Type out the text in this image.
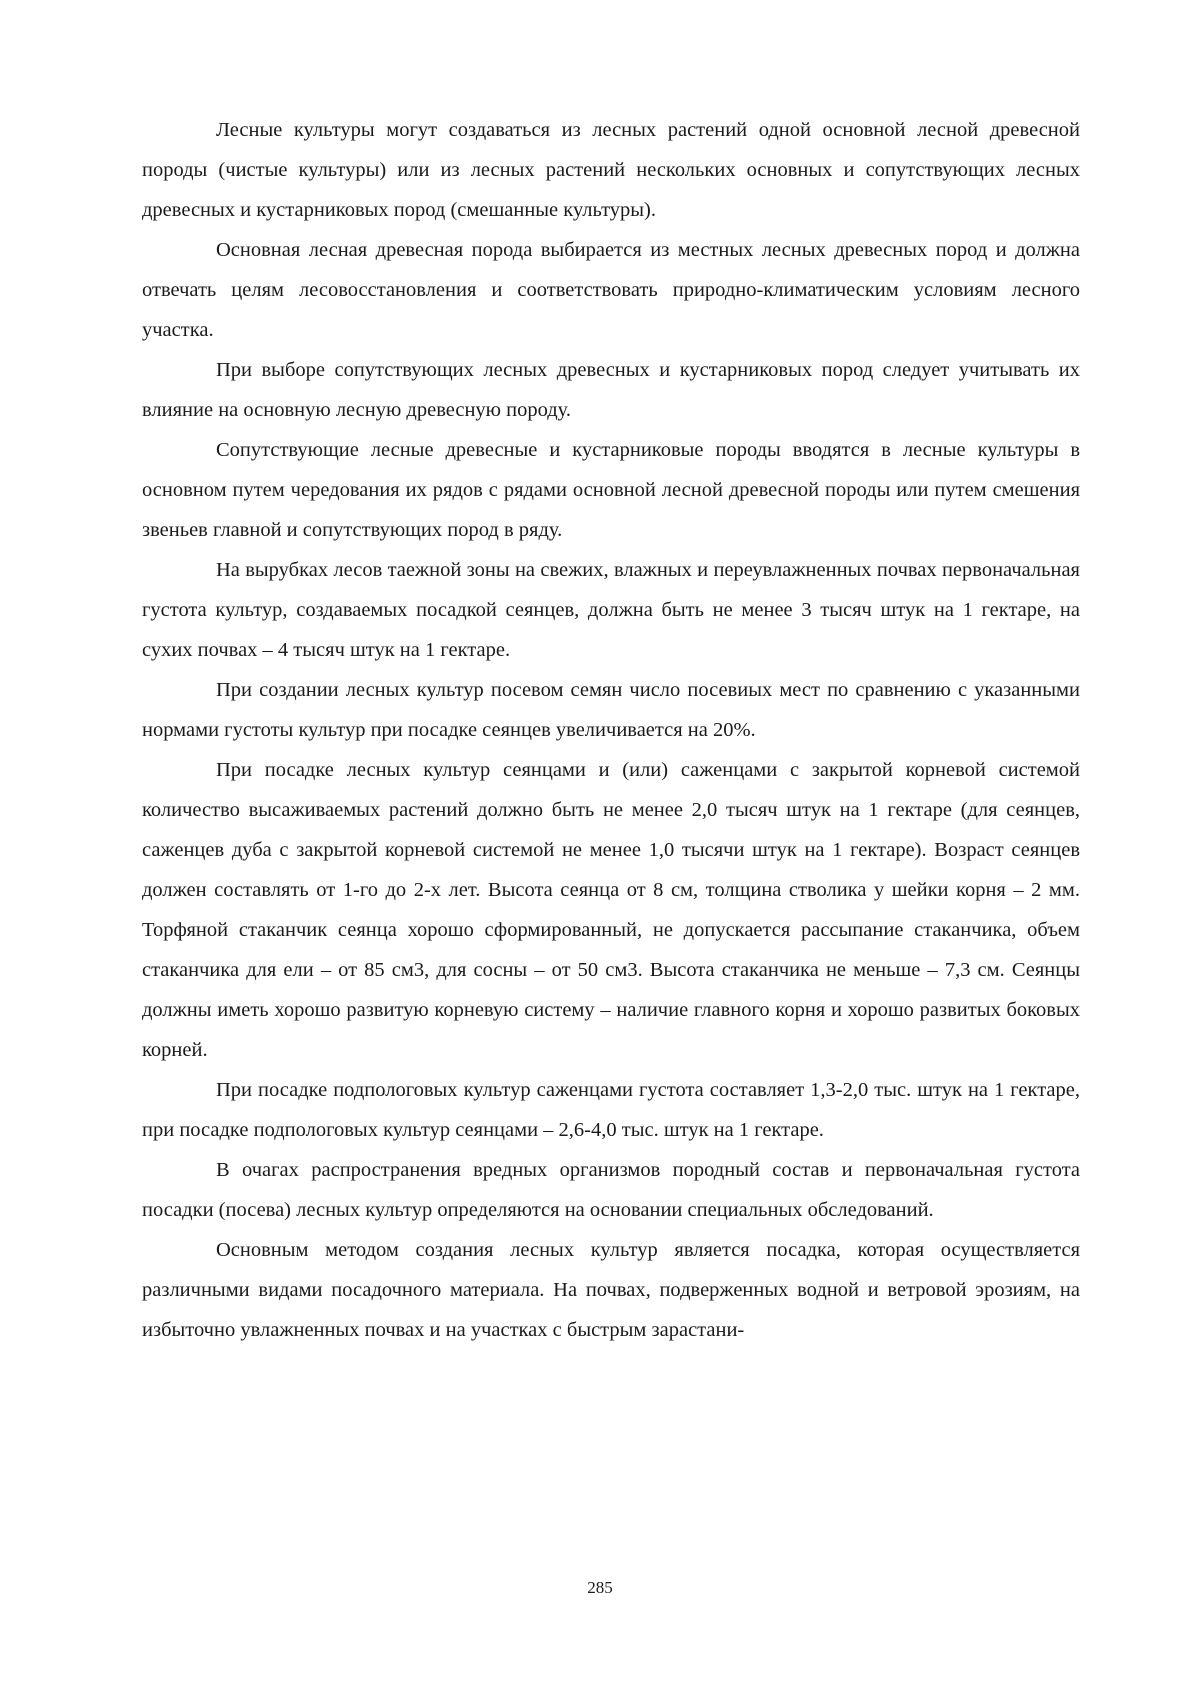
Лесные культуры могут создаваться из лесных растений одной основной лесной древесной породы (чистые культуры) или из лесных растений нескольких основных и сопутствующих лесных древесных и кустарниковых пород (смешанные культуры).

Основная лесная древесная порода выбирается из местных лесных древесных пород и должна отвечать целям лесовосстановления и соответствовать природно-климатическим условиям лесного участка.

При выборе сопутствующих лесных древесных и кустарниковых пород следует учитывать их влияние на основную лесную древесную породу.

Сопутствующие лесные древесные и кустарниковые породы вводятся в лесные культуры в основном путем чередования их рядов с рядами основной лесной древесной породы или путем смешения звеньев главной и сопутствующих пород в ряду.

На вырубках лесов таежной зоны на свежих, влажных и переувлажненных почвах первоначальная густота культур, создаваемых посадкой сеянцев, должна быть не менее 3 тысяч штук на 1 гектаре, на сухих почвах – 4 тысяч штук на 1 гектаре.

При создании лесных культур посевом семян число посевиых мест по сравнению с указанными нормами густоты культур при посадке сеянцев увеличивается на 20%.

При посадке лесных культур сеянцами и (или) саженцами с закрытой корневой системой количество высаживаемых растений должно быть не менее 2,0 тысяч штук на 1 гектаре (для сеянцев, саженцев дуба с закрытой корневой системой не менее 1,0 тысячи штук на 1 гектаре). Возраст сеянцев должен составлять от 1-го до 2-х лет. Высота сеянца от 8 см, толщина стволика у шейки корня – 2 мм. Торфяной стаканчик сеянца хорошо сформированный, не допускается рассыпание стаканчика, объем стаканчика для ели – от 85 см3, для сосны – от 50 см3. Высота стаканчика не меньше – 7,3 см. Сеянцы должны иметь хорошо развитую корневую систему – наличие главного корня и хорошо развитых боковых корней.

При посадке подпологовых культур саженцами густота составляет 1,3-2,0 тыс. штук на 1 гектаре, при посадке подпологовых культур сеянцами – 2,6-4,0 тыс. штук на 1 гектаре.

В очагах распространения вредных организмов породный состав и первоначальная густота посадки (посева) лесных культур определяются на основании специальных обследований.

Основным методом создания лесных культур является посадка, которая осуществляется различными видами посадочного материала. На почвах, подверженных водной и ветровой эрозиям, на избыточно увлажненных почвах и на участках с быстрым зарастани-

285
